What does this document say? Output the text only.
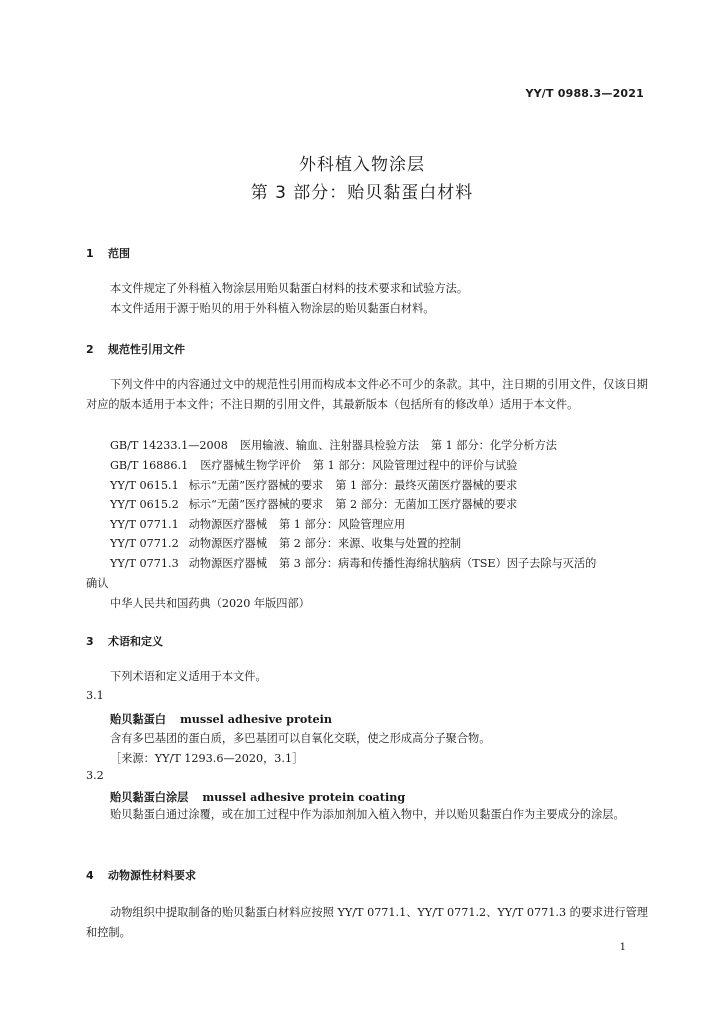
YY/T 0988.3—2021
外科植入物涂层
第 3 部分：贻贝黏蛋白材料
1 范围

本文件规定了外科植入物涂层用贻贝黏蛋白材料的技术要求和试验方法。

本文件适用于源于贻贝的用于外科植入物涂层的贻贝黏蛋白材料。

2 规范性引用文件

下列文件中的内容通过文中的规范性引用而构成本文件必不可少的条款。其中，注日期的引用文件，仅该日期对应的版本适用于本文件；不注日期的引用文件，其最新版本（包括所有的修改单）适用于本文件。

GB/T 14233.1—2008 医用输液、输血、注射器具检验方法 第 1 部分：化学分析方法
GB/T 16886.1 医疗器械生物学评价 第 1 部分：风险管理过程中的评价与试验
YY/T 0615.1 标示“无菌”医疗器械的要求 第 1 部分：最终灭菌医疗器械的要求
YY/T 0615.2 标示“无菌”医疗器械的要求 第 2 部分：无菌加工医疗器械的要求
YY/T 0771.1 动物源医疗器械 第 1 部分：风险管理应用
YY/T 0771.2 动物源医疗器械 第 2 部分：来源、收集与处置的控制
YY/T 0771.3 动物源医疗器械 第 3 部分：病毒和传播性海绵状脑病（TSE）因子去除与灭活的
确认
中华人民共和国药典（2020 年版四部）
3 术语和定义

下列术语和定义适用于本文件。

3.1
贻贝黏蛋白 mussel adhesive protein

含有多巴基团的蛋白质，多巴基团可以自氧化交联，使之形成高分子聚合物。

［来源：YY/T 1293.6—2020，3.1］

3.2
贻贝黏蛋白涂层 mussel adhesive protein coating

贻贝黏蛋白通过涂覆，或在加工过程中作为添加剂加入植入物中，并以贻贝黏蛋白作为主要成分的涂层。

4 动物源性材料要求

动物组织中提取制备的贻贝黏蛋白材料应按照 YY/T 0771.1、YY/T 0771.2、YY/T 0771.3 的要求进行管理和控制。

1
